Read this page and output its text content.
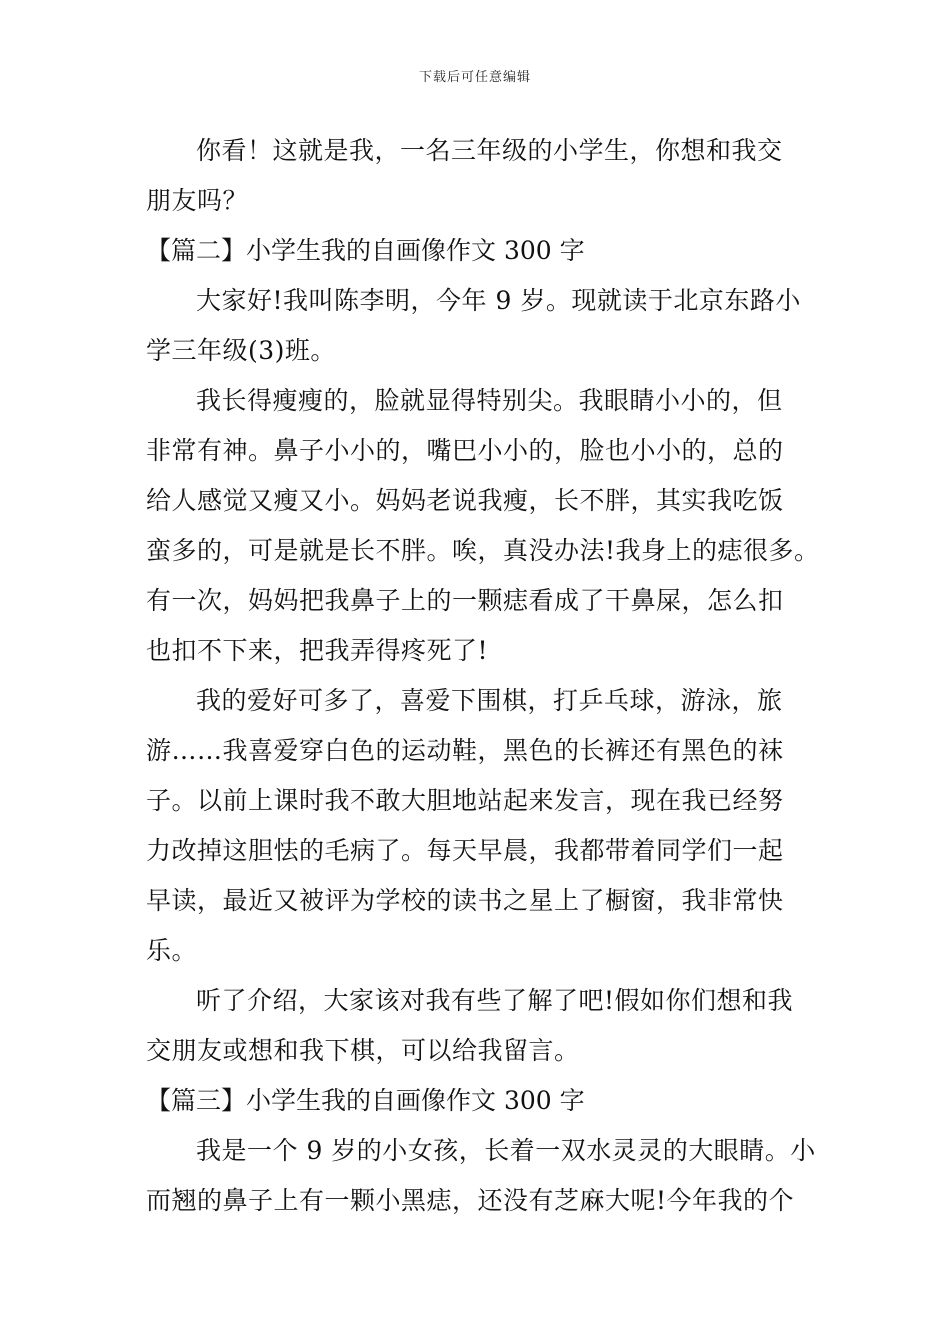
下载后可任意编辑
你看！这就是我，一名三年级的小学生，你想和我交
朋友吗？
【篇二】小学生我的自画像作文 300 字
大家好!我叫陈李明，今年 9 岁。现就读于北京东路小
学三年级(3)班。
我长得瘦瘦的，脸就显得特别尖。我眼睛小小的，但
非常有神。鼻子小小的，嘴巴小小的，脸也小小的，总的
给人感觉又瘦又小。妈妈老说我瘦，长不胖，其实我吃饭
蛮多的，可是就是长不胖。唉，真没办法!我身上的痣很多。
有一次，妈妈把我鼻子上的一颗痣看成了干鼻屎，怎么扣
也扣不下来，把我弄得疼死了!
我的爱好可多了，喜爱下围棋，打乒乓球，游泳，旅
游……我喜爱穿白色的运动鞋，黑色的长裤还有黑色的袜
子。以前上课时我不敢大胆地站起来发言，现在我已经努
力改掉这胆怯的毛病了。每天早晨，我都带着同学们一起
早读，最近又被评为学校的读书之星上了橱窗，我非常快
乐。
听了介绍，大家该对我有些了解了吧!假如你们想和我
交朋友或想和我下棋，可以给我留言。
【篇三】小学生我的自画像作文 300 字
我是一个 9 岁的小女孩，长着一双水灵灵的大眼睛。小
而翘的鼻子上有一颗小黑痣，还没有芝麻大呢!今年我的个
